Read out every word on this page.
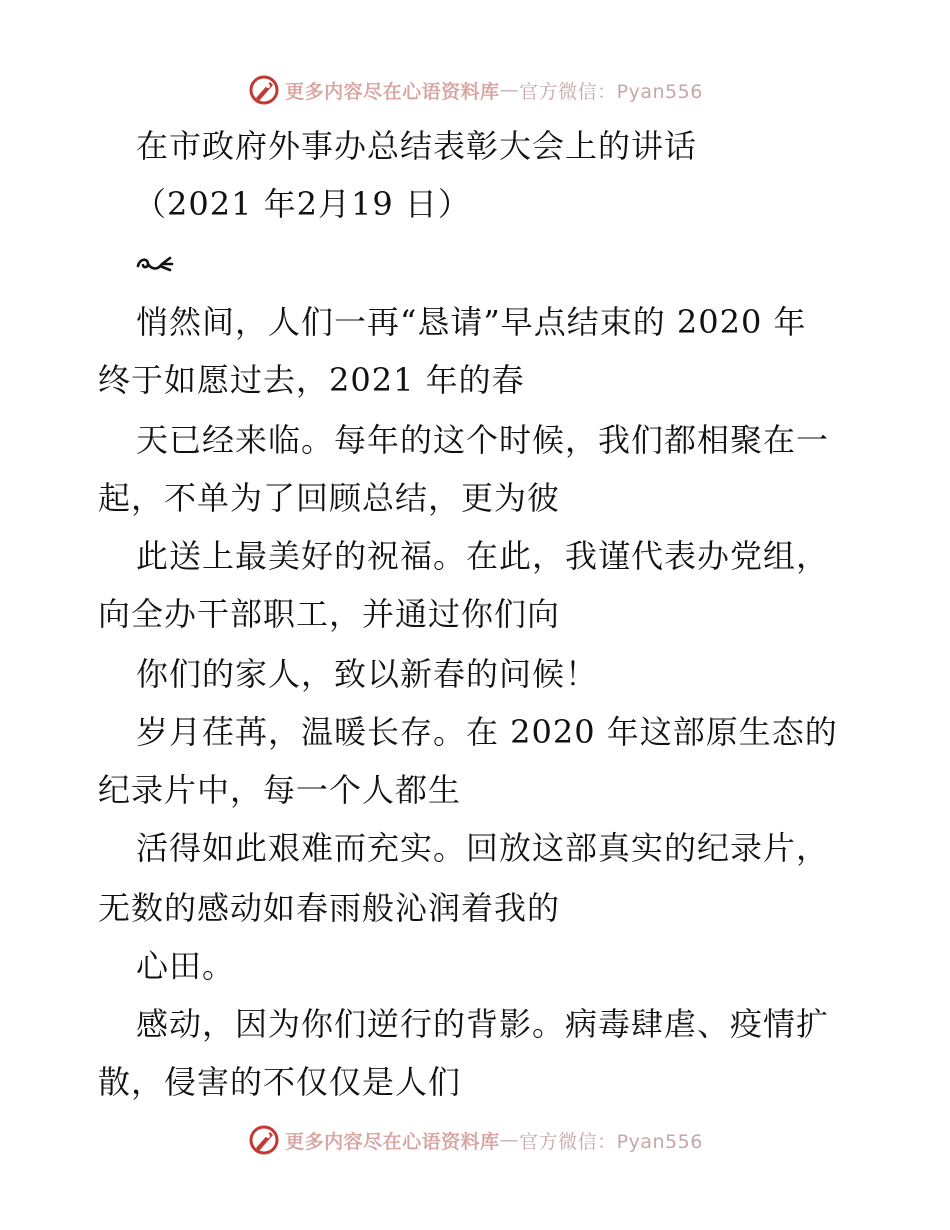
更多内容尽在心语资料库 — 官方微信：Pyan556
在市政府外事办总结表彰大会上的讲话
（2021 年2月19 日）
悄然间，人们一再“恳请”早点结束的 2020 年
终于如愿过去，2021 年的春
天已经来临。每年的这个时候，我们都相聚在一
起，不单为了回顾总结，更为彼
此送上最美好的祝福。在此，我谨代表办党组，
向全办干部职工，并通过你们向
你们的家人，致以新春的问候！
岁月荏苒，温暖长存。在 2020 年这部原生态的
纪录片中，每一个人都生
活得如此艰难而充实。回放这部真实的纪录片，
无数的感动如春雨般沁润着我的
心田。
感动，因为你们逆行的背影。病毒肆虐、疫情扩
散，侵害的不仅仅是人们
更多内容尽在心语资料库 — 官方微信：Pyan556
